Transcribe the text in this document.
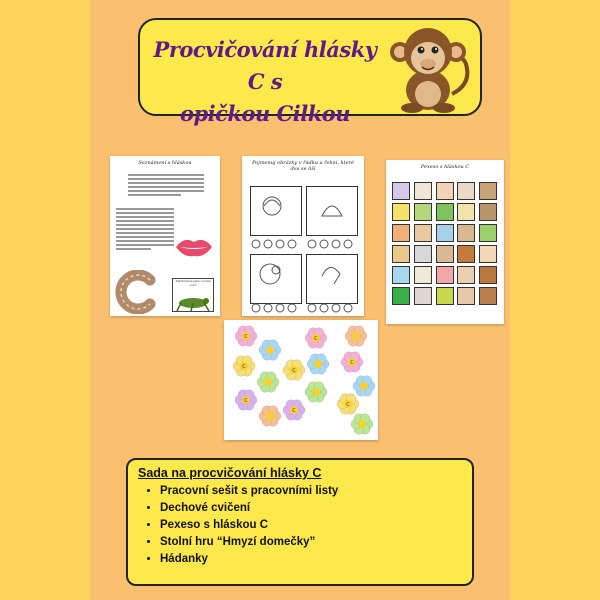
Procvičování hlásky C s
opičkou Cilkou
Seznámení s hláskou
Zamkněme jako cvrček cvrčí
Pojmenuj obrázky v řádku a řekni, které dva se liší	Pexeso s hláskou C
C
C
C
C
C
C
C
C
Sada na procvičování hlásky C
• Pracovní sešit s pracovními listy
• Dechové cvičení
• Pexeso s hláskou C
• Stolní hru “Hmyzí domečky”
• Hádanky
